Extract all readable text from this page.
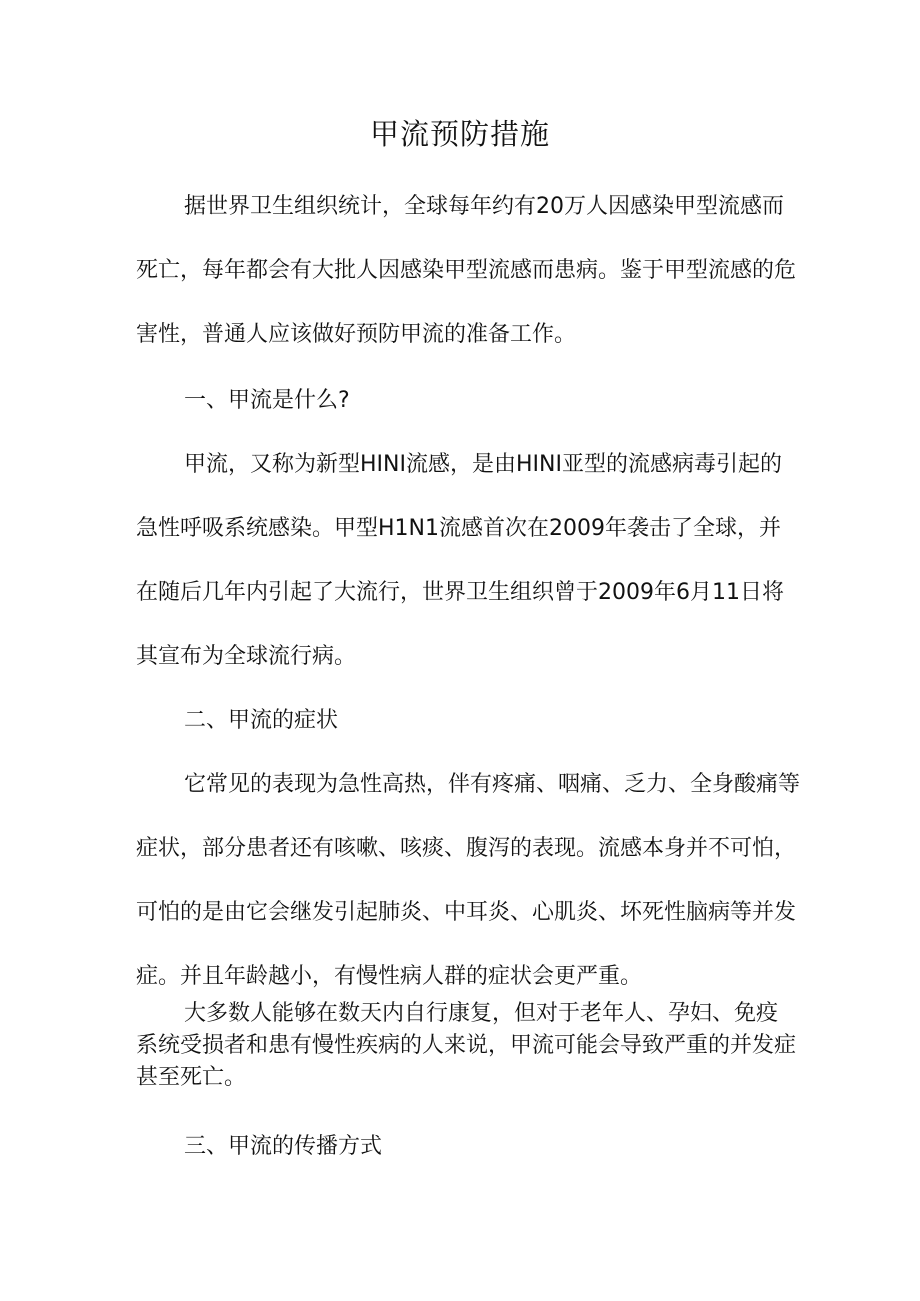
甲流预防措施

据世界卫生组织统计，全球每年约有20万人因感染甲型流感而死亡，每年都会有大批人因感染甲型流感而患病。鉴于甲型流感的危害性，普通人应该做好预防甲流的准备工作。

一、甲流是什么?

甲流，又称为新型HINI流感，是由HINI亚型的流感病毒引起的急性呼吸系统感染。甲型H1N1流感首次在2009年袭击了全球，并在随后几年内引起了大流行，世界卫生组织曾于2009年6月11日将其宣布为全球流行病。

二、甲流的症状

它常见的表现为急性高热，伴有疼痛、咽痛、乏力、全身酸痛等症状，部分患者还有咳嗽、咳痰、腹泻的表现。流感本身并不可怕，可怕的是由它会继发引起肺炎、中耳炎、心肌炎、坏死性脑病等并发症。并且年龄越小，有慢性病人群的症状会更严重。

大多数人能够在数天内自行康复，但对于老年人、孕妇、免疫系统受损者和患有慢性疾病的人来说，甲流可能会导致严重的并发症甚至死亡。

三、甲流的传播方式
